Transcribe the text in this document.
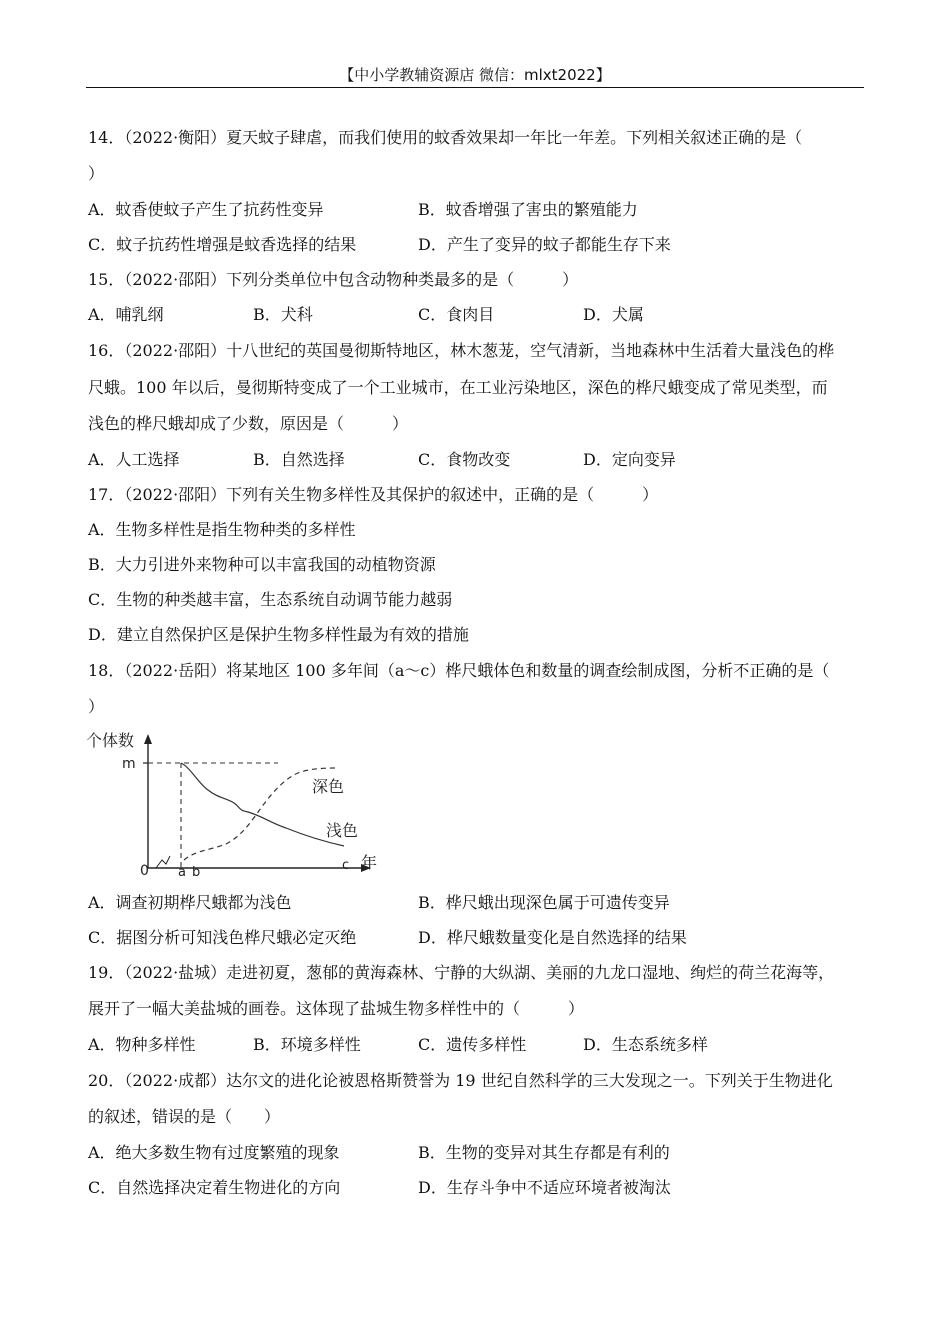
【中小学教辅资源店 微信：mlxt2022】
14．（2022·衡阳）夏天蚊子肆虐，而我们使用的蚊香效果却一年比一年差。下列相关叙述正确的是（
）
A．蚊香使蚊子产生了抗药性变异	B．蚊香增强了害虫的繁殖能力
C．蚊子抗药性增强是蚊香选择的结果	D．产生了变异的蚊子都能生存下来
15．（2022·邵阳）下列分类单位中包含动物种类最多的是（　　　）
A．哺乳纲	B．犬科	C．食肉目	D．犬属
16．（2022·邵阳）十八世纪的英国曼彻斯特地区，林木葱茏，空气清新，当地森林中生活着大量浅色的桦
尺蛾。100 年以后，曼彻斯特变成了一个工业城市，在工业污染地区，深色的桦尺蛾变成了常见类型，而
浅色的桦尺蛾却成了少数，原因是（　　　）
A．人工选择	B．自然选择	C．食物改变	D．定向变异
17．（2022·邵阳）下列有关生物多样性及其保护的叙述中，正确的是（　　　）
A．生物多样性是指生物种类的多样性
B．大力引进外来物种可以丰富我国的动植物资源
C．生物的种类越丰富，生态系统自动调节能力越弱
D．建立自然保护区是保护生物多样性最为有效的措施
18．（2022·岳阳）将某地区 100 多年间（a～c）桦尺蛾体色和数量的调查绘制成图，分析不正确的是（
）
个体数
m
0 a b	c 年
深色
浅色
A．调查初期桦尺蛾都为浅色	B．桦尺蛾出现深色属于可遗传变异
C．据图分析可知浅色桦尺蛾必定灭绝	D．桦尺蛾数量变化是自然选择的结果
19．（2022·盐城）走进初夏，葱郁的黄海森林、宁静的大纵湖、美丽的九龙口湿地、绚烂的荷兰花海等，
展开了一幅大美盐城的画卷。这体现了盐城生物多样性中的（　　　）
A．物种多样性	B．环境多样性	C．遗传多样性	D．生态系统多样
20．（2022·成都）达尔文的进化论被恩格斯赞誉为 19 世纪自然科学的三大发现之一。下列关于生物进化
的叙述，错误的是（　　）
A．绝大多数生物有过度繁殖的现象	B．生物的变异对其生存都是有利的
C．自然选择决定着生物进化的方向	D．生存斗争中不适应环境者被淘汰
